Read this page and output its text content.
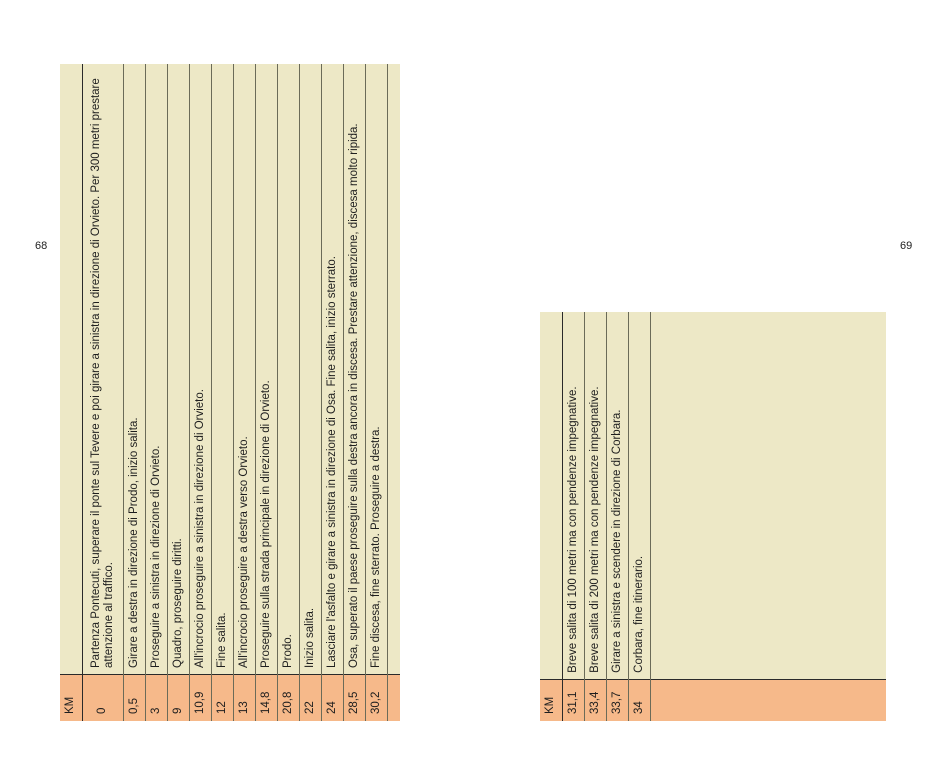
68	69
KM	
0	Partenza Pontecuti, superare il ponte sul Tevere e poi girare a sinistra in direzione di Orvieto. Per 300 metri prestare attenzione al traffico.
0,5	Girare a destra in direzione di Prodo, inizio salita.
3	Proseguire a sinistra in direzione di Orvieto.
9	Quadro, proseguire diritti.
10,9	All'incrocio proseguire a sinistra in direzione di Orvieto.
12	Fine salita.
13	All'incrocio proseguire a destra verso Orvieto.
14,8	Proseguire sulla strada principale in direzione di Orvieto.
20,8	Prodo.
22	Inizio salita.
24	Lasciare l'asfalto e girare a sinistra in direzione di Osa. Fine salita, inizio sterrato.
28,5	Osa, superato il paese proseguire sulla destra ancora in discesa. Prestare attenzione, discesa molto ripida.
30,2	Fine discesa, fine sterrato. Proseguire a destra.

KM	
31,1	Breve salita di 100 metri ma con pendenze impegnative.
33,4	Breve salita di 200 metri ma con pendenze impegnative.
33,7	Girare a sinistra e scendere in direzione di Corbara.
34	Corbara, fine itinerario.
